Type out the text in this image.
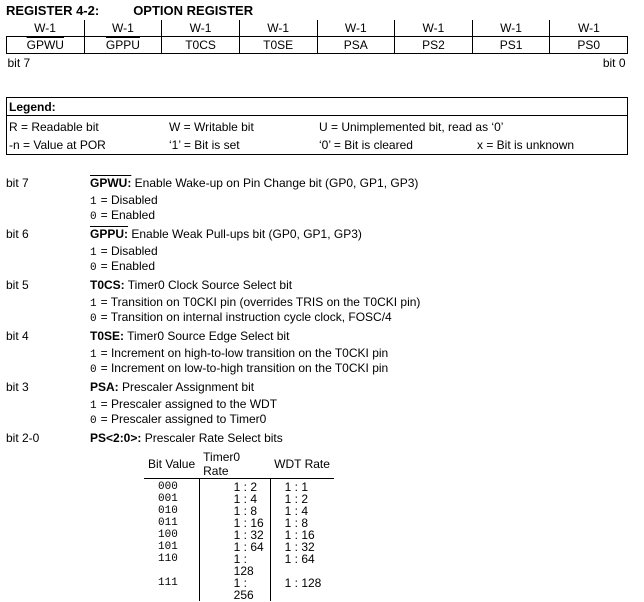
REGISTER 4-2:	OPTION REGISTER
W-1	W-1	W-1	W-1	W-1	W-1	W-1	W-1
GPWU	GPPU	T0CS	T0SE	PSA	PS2	PS1	PS0
bit 7				bit 0			
Legend:
R = Readable bit	W = Writable bit	U = Unimplemented bit, read as ‘0’
-n = Value at POR	‘1’ = Bit is set	‘0’ = Bit is cleared	x = Bit is unknown
bit 7	GPWU: Enable Wake-up on Pin Change bit (GP0, GP1, GP3)
1 = Disabled
0 = Enabled
bit 6	GPPU: Enable Weak Pull-ups bit (GP0, GP1, GP3)
1 = Disabled
0 = Enabled
bit 5	T0CS: Timer0 Clock Source Select bit
1 = Transition on T0CKI pin (overrides TRIS on the T0CKI pin)
0 = Transition on internal instruction cycle clock, FOSC/4
bit 4	T0SE: Timer0 Source Edge Select bit
1 = Increment on high-to-low transition on the T0CKI pin
0 = Increment on low-to-high transition on the T0CKI pin
bit 3	PSA: Prescaler Assignment bit
1 = Prescaler assigned to the WDT
0 = Prescaler assigned to Timer0
bit 2-0	PS<2:0>: Prescaler Rate Select bits
Bit Value	Timer0 Rate	WDT Rate
000	1 : 2	1 : 1
001	1 : 4	1 : 2
010	1 : 8	1 : 4
011	1 : 16	1 : 8
100	1 : 32	1 : 16
101	1 : 64	1 : 32
110	1 : 128	1 : 64
111	1 : 256	1 : 128
